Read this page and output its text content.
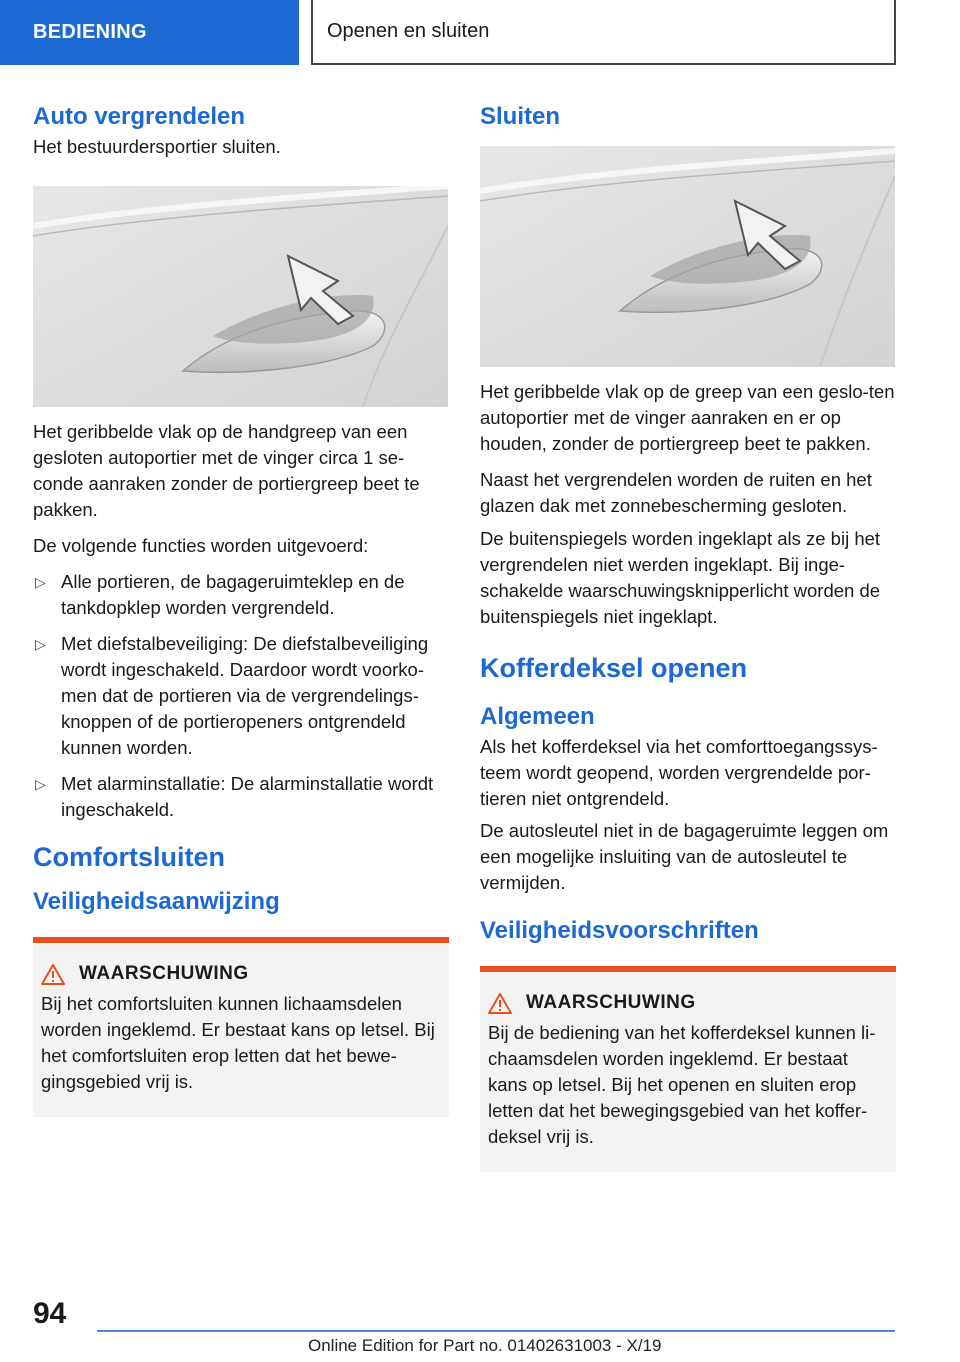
BEDIENING	Openen en sluiten
Auto vergrendelen

Het bestuurdersportier sluiten.

Het geribbelde vlak op de handgreep van een gesloten autoportier met de vinger circa 1 se-conde aanraken zonder de portiergreep beet te pakken.

De volgende functies worden uitgevoerd:

▷ Alle portieren, de bagageruimteklep en de tankdopklep worden vergrendeld.
▷ Met diefstalbeveiliging: De diefstalbeveiliging wordt ingeschakeld. Daardoor wordt voorko-men dat de portieren via de vergrendelings-knoppen of de portieropeners ontgrendeld kunnen worden.
▷ Met alarminstallatie: De alarminstallatie wordt ingeschakeld.
Comfortsluiten
Veiligheidsaanwijzing
WAARSCHUWING

Bij het comfortsluiten kunnen lichaamsdelen worden ingeklemd. Er bestaat kans op letsel. Bij het comfortsluiten erop letten dat het bewe-gingsgebied vrij is.

Sluiten

Het geribbelde vlak op de greep van een geslo-ten autoportier met de vinger aanraken en er op houden, zonder de portiergreep beet te pakken.

Naast het vergrendelen worden de ruiten en het glazen dak met zonnebescherming gesloten.

De buitenspiegels worden ingeklapt als ze bij het vergrendelen niet werden ingeklapt. Bij inge-schakelde waarschuwingsknipperlicht worden de buitenspiegels niet ingeklapt.

Kofferdeksel openen
Algemeen

Als het kofferdeksel via het comforttoegangssys-teem wordt geopend, worden vergrendelde por-tieren niet ontgrendeld.

De autosleutel niet in de bagageruimte leggen om een mogelijke insluiting van de autosleutel te vermijden.

Veiligheidsvoorschriften
WAARSCHUWING

Bij de bediening van het kofferdeksel kunnen li-chaamsdelen worden ingeklemd. Er bestaat kans op letsel. Bij het openen en sluiten erop letten dat het bewegingsgebied van het koffer-deksel vrij is.

94
Online Edition for Part no. 01402631003 - X/19
